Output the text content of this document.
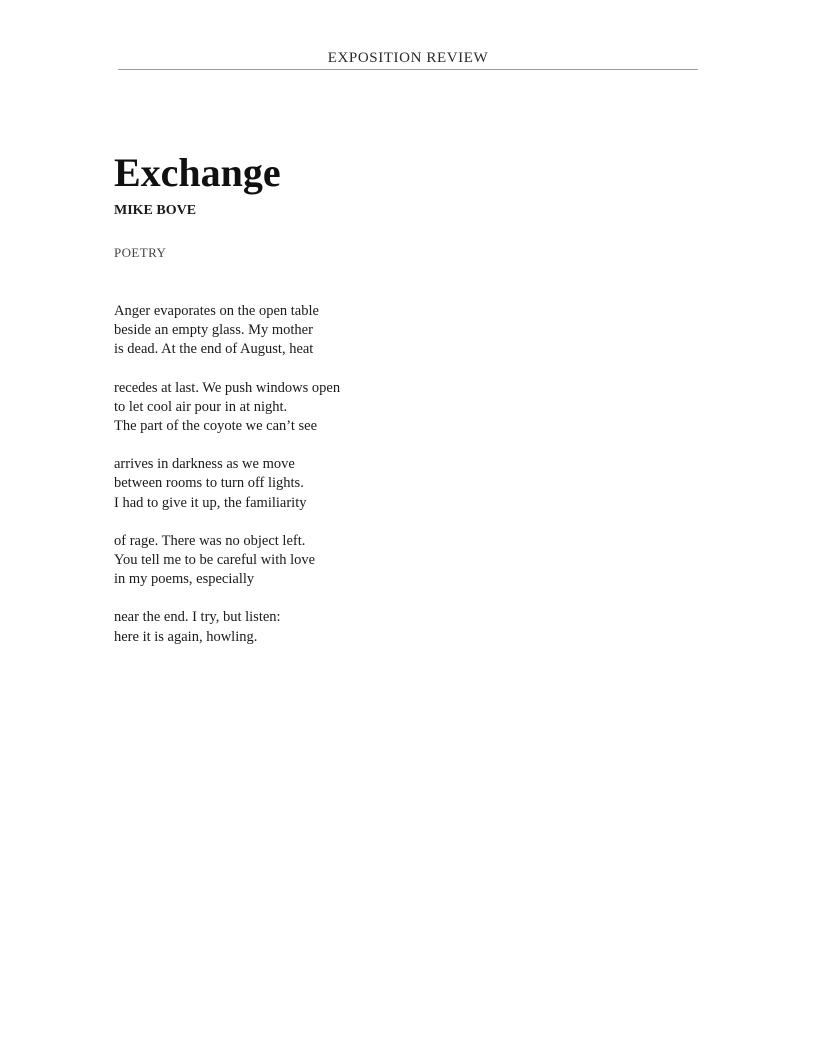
EXPOSITION REVIEW
Exchange
MIKE BOVE
POETRY
Anger evaporates on the open table
beside an empty glass. My mother
is dead. At the end of August, heat
recedes at last. We push windows open
to let cool air pour in at night.
The part of the coyote we can’t see
arrives in darkness as we move
between rooms to turn off lights.
I had to give it up, the familiarity
of rage. There was no object left.
You tell me to be careful with love
in my poems, especially
near the end. I try, but listen:
here it is again, howling.
